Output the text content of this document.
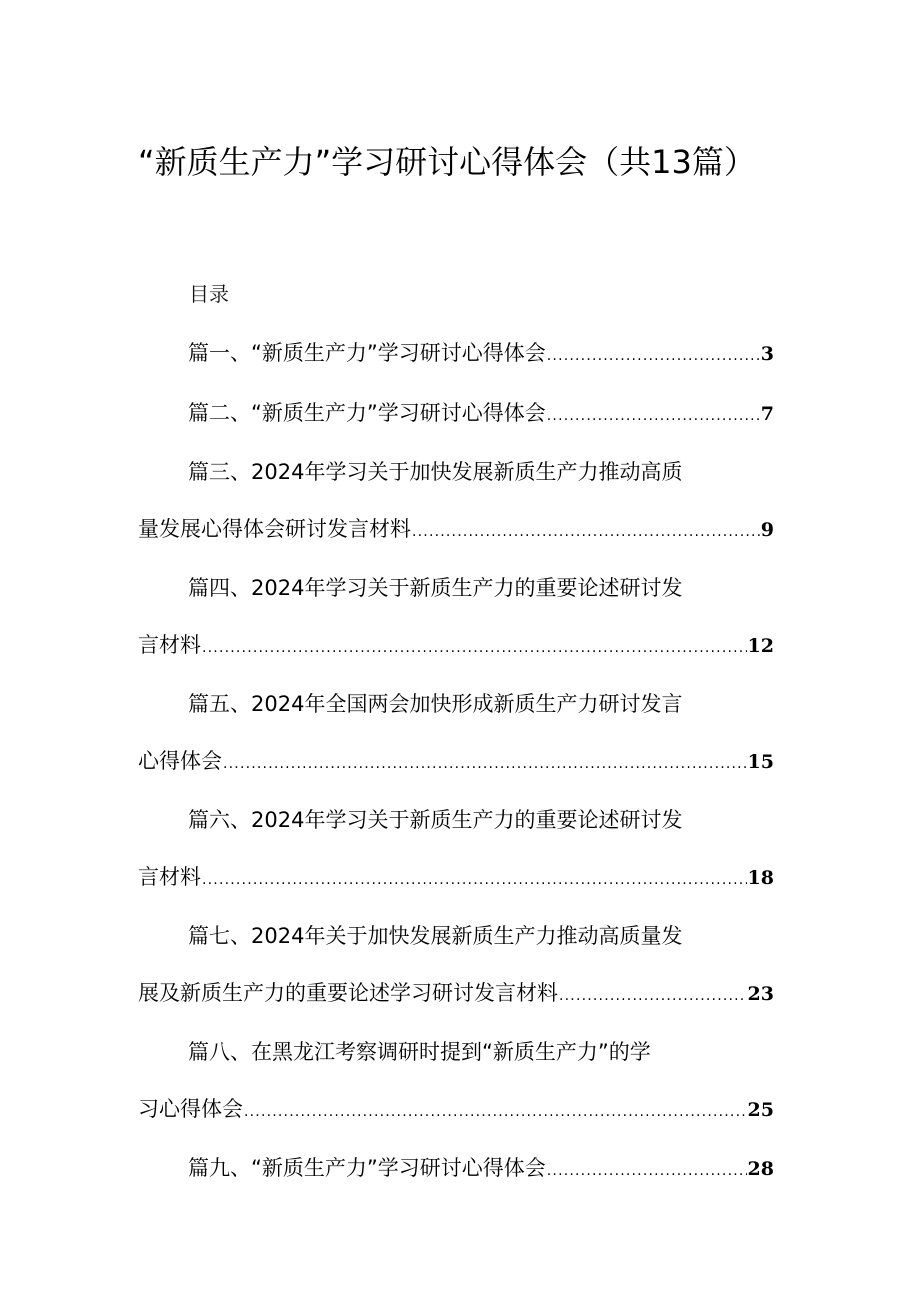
“新质生产力”学习研讨心得体会（共13篇）

目录

篇一、“新质生产力”学习研讨心得体会 .....	3
篇二、“新质生产力”学习研讨心得体会 .....	7
篇三、2024年学习关于加快发展新质生产力推动高质
量发展心得体会研讨发言材料 .....	9
篇四、2024年学习关于新质生产力的重要论述研讨发
言材料 .....	12
篇五、2024年全国两会加快形成新质生产力研讨发言
心得体会 .....	15
篇六、2024年学习关于新质生产力的重要论述研讨发
言材料 .....	18
篇七、2024年关于加快发展新质生产力推动高质量发
展及新质生产力的重要论述学习研讨发言材料 .....	23
篇八、在黑龙江考察调研时提到“新质生产力”的学
习心得体会 .....	25
篇九、“新质生产力”学习研讨心得体会 .....	28
